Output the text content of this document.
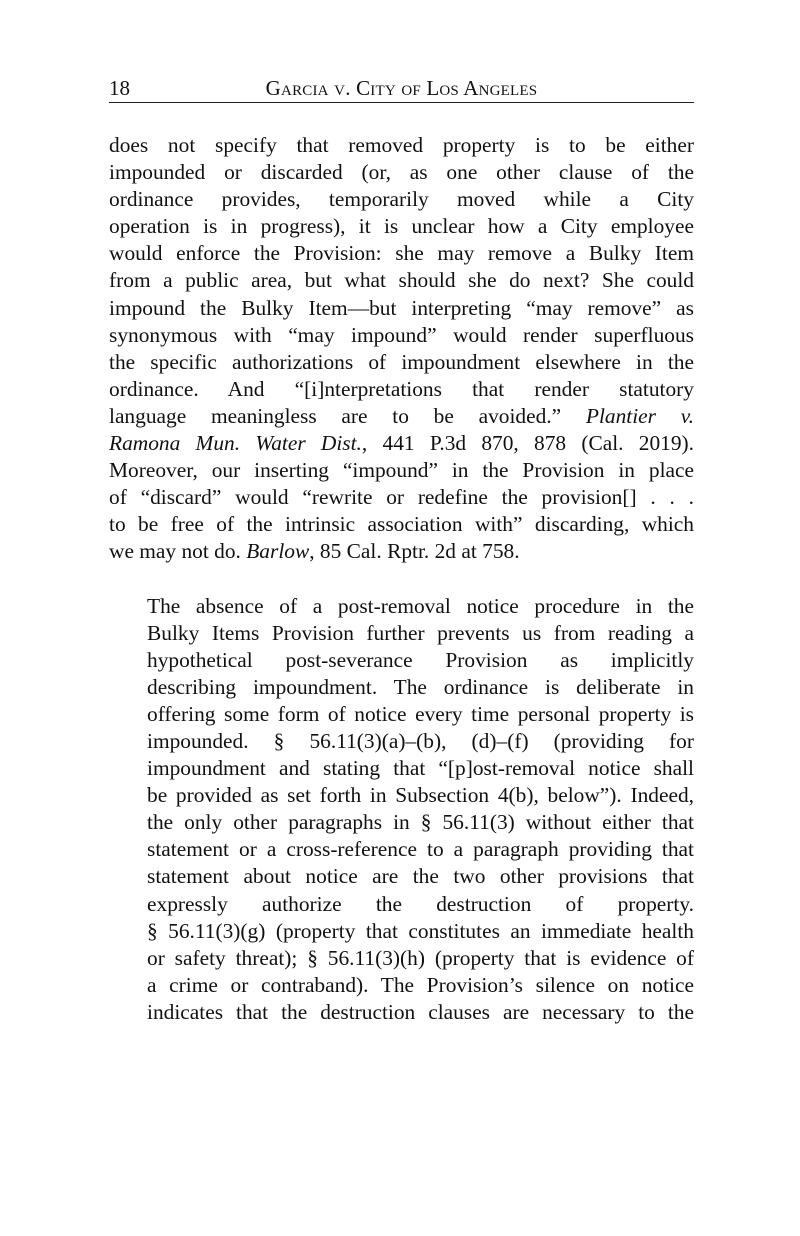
18	Garcia v. City of Los Angeles
does not specify that removed property is to be either
impounded or discarded (or, as one other clause of the
ordinance provides, temporarily moved while a City
operation is in progress), it is unclear how a City employee
would enforce the Provision: she may remove a Bulky Item
from a public area, but what should she do next? She could
impound the Bulky Item—but interpreting “may remove” as
synonymous with “may impound” would render superfluous
the specific authorizations of impoundment elsewhere in the
ordinance. And “[i]nterpretations that render statutory
language meaningless are to be avoided.” Plantier v.
Ramona Mun. Water Dist., 441 P.3d 870, 878 (Cal. 2019).
Moreover, our inserting “impound” in the Provision in place
of “discard” would “rewrite or redefine the provision[] . . .
to be free of the intrinsic association with” discarding, which
we may not do. Barlow, 85 Cal. Rptr. 2d at 758.
The absence of a post-removal notice procedure in the
Bulky Items Provision further prevents us from reading a
hypothetical post-severance Provision as implicitly
describing impoundment. The ordinance is deliberate in
offering some form of notice every time personal property is
impounded. § 56.11(3)(a)–(b), (d)–(f) (providing for
impoundment and stating that “[p]ost-removal notice shall
be provided as set forth in Subsection 4(b), below”). Indeed,
the only other paragraphs in § 56.11(3) without either that
statement or a cross-reference to a paragraph providing that
statement about notice are the two other provisions that
expressly authorize the destruction of property.
§ 56.11(3)(g) (property that constitutes an immediate health
or safety threat); § 56.11(3)(h) (property that is evidence of
a crime or contraband). The Provision’s silence on notice
indicates that the destruction clauses are necessary to the
